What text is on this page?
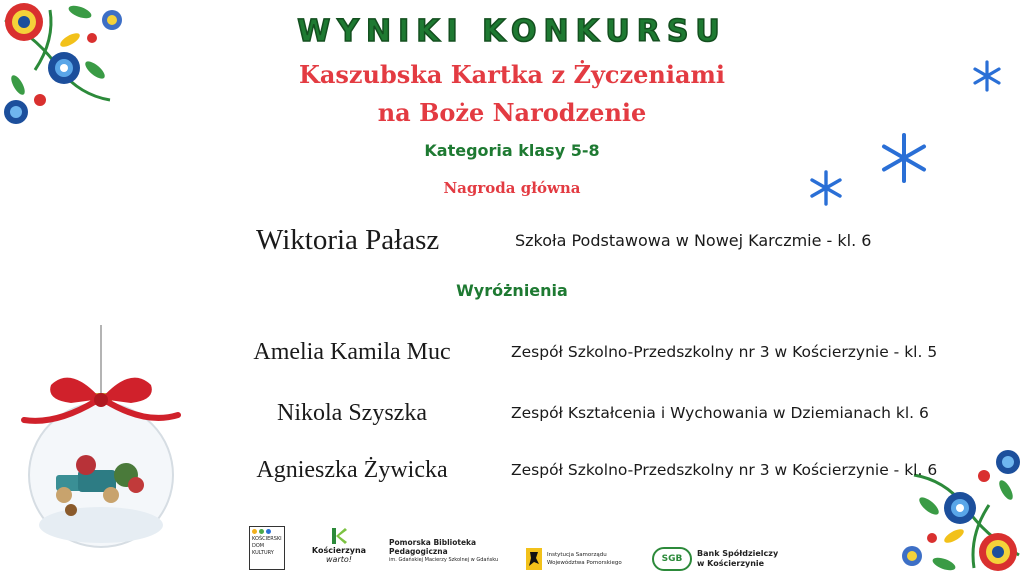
WYNIKI KONKURSU
Kaszubska Kartka z Życzeniami
na Boże Narodzenie
Kategoria klasy 5-8
Nagroda główna
Wiktoria Pałasz	Szkoła Podstawowa w Nowej Karczmie - kl. 6
Wyróżnienia
Amelia Kamila Muc	Zespół Szkolno-Przedszkolny nr 3 w Kościerzynie - kl. 5
Nikola Szyszka	Zespół Kształcenia i Wychowania w Dziemianach kl. 6
Agnieszka Żywicka	Zespół Szkolno-Przedszkolny nr 3 w Kościerzynie - kl. 6
KOŚCIERSKI
DOM
KULTURY	Kościerzyna
warto!
Pomorska Biblioteka Pedagogiczna
im. Gdańskiej Macierzy Szkolnej w Gdańsku
Instytucja Samorządu
Województwa Pomorskiego	SGB
Bank Spółdzielczy
w Kościerzynie
